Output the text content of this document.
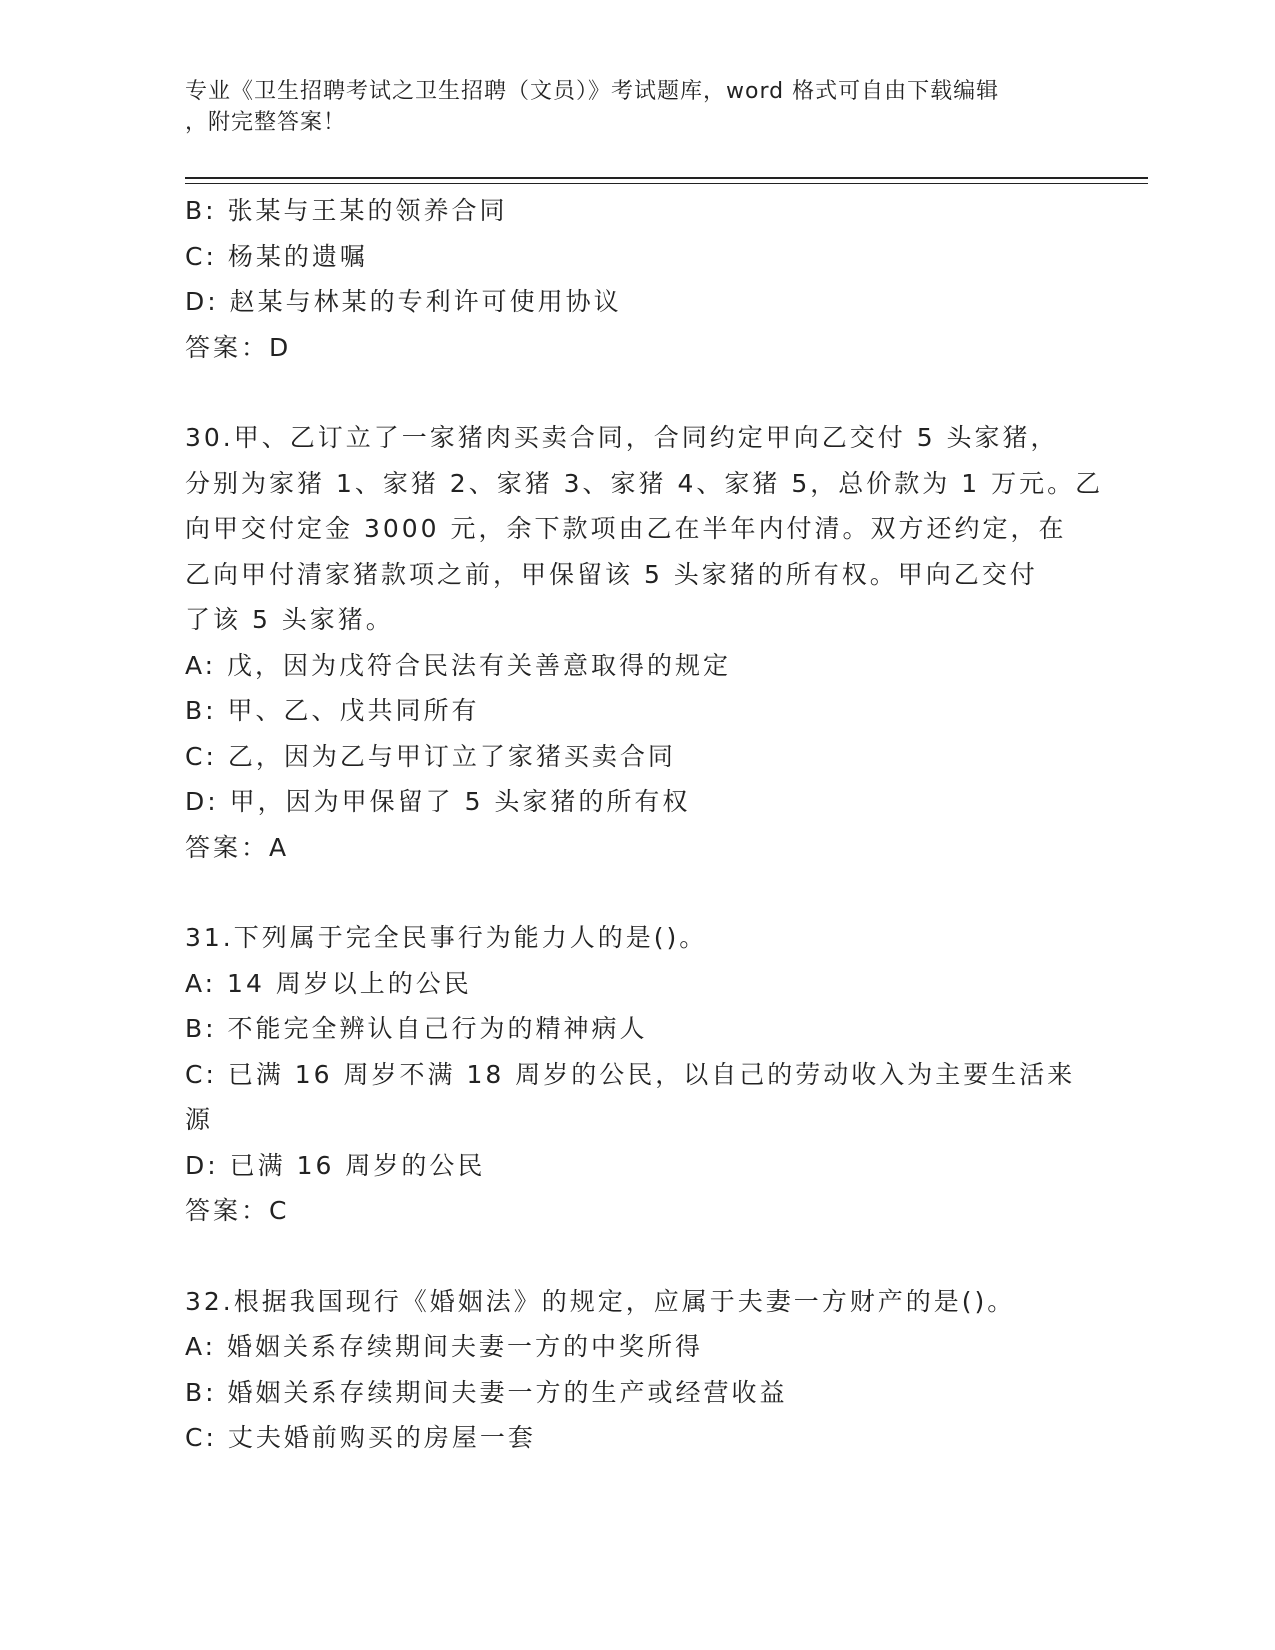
专业《卫生招聘考试之卫生招聘（文员）》考试题库，word 格式可自由下载编辑
，附完整答案！
B: 张某与王某的领养合同
C: 杨某的遗嘱
D: 赵某与林某的专利许可使用协议
答案：D
30.甲、乙订立了一家猪肉买卖合同，合同约定甲向乙交付 5 头家猪，
分别为家猪 1、家猪 2、家猪 3、家猪 4、家猪 5，总价款为 1 万元。乙
向甲交付定金 3000 元，余下款项由乙在半年内付清。双方还约定，在
乙向甲付清家猪款项之前，甲保留该 5 头家猪的所有权。甲向乙交付
了该 5 头家猪。
A: 戊，因为戊符合民法有关善意取得的规定
B: 甲、乙、戊共同所有
C: 乙，因为乙与甲订立了家猪买卖合同
D: 甲，因为甲保留了 5 头家猪的所有权
答案：A
31.下列属于完全民事行为能力人的是()。
A: 14 周岁以上的公民
B: 不能完全辨认自己行为的精神病人
C: 已满 16 周岁不满 18 周岁的公民，以自己的劳动收入为主要生活来
源
D: 已满 16 周岁的公民
答案：C
32.根据我国现行《婚姻法》的规定，应属于夫妻一方财产的是()。
A: 婚姻关系存续期间夫妻一方的中奖所得
B: 婚姻关系存续期间夫妻一方的生产或经营收益
C: 丈夫婚前购买的房屋一套
